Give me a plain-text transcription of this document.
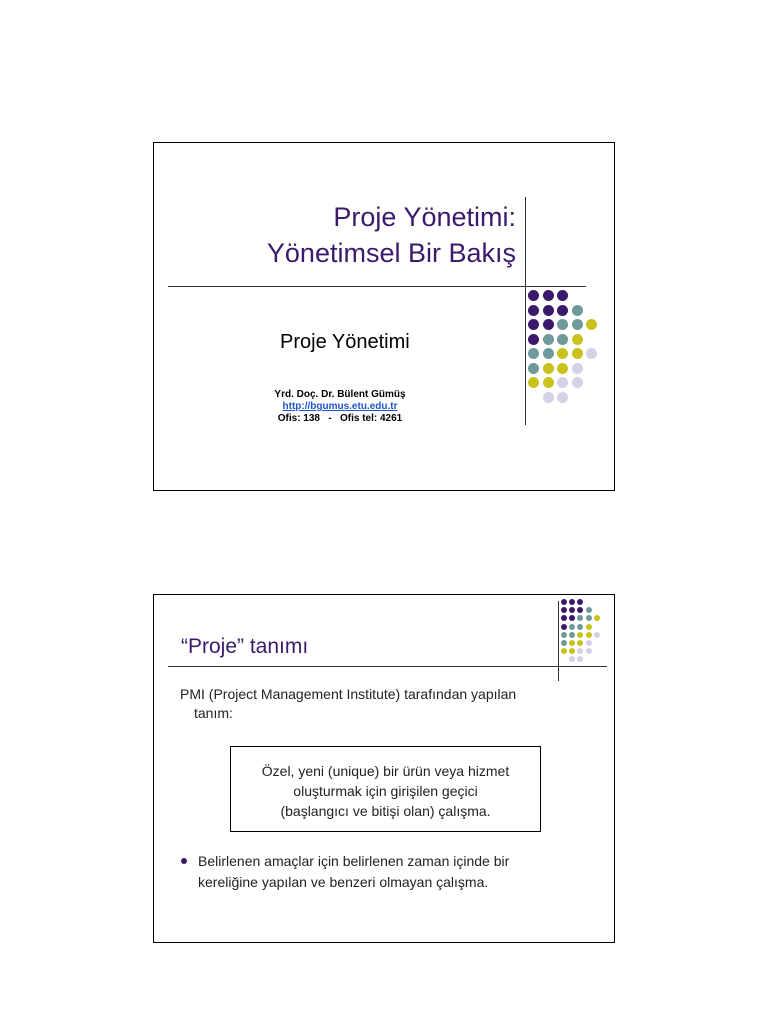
Proje Yönetimi:
Yönetimsel Bir Bakış
Proje Yönetimi
Yrd. Doç. Dr. Bülent Gümüş
http://bgumus.etu.edu.tr
Ofis: 138   -   Ofis tel: 4261
“Proje” tanımı
PMI (Project Management Institute) tarafından yapılan
tanım:
Özel, yeni (unique) bir ürün veya hizmet
oluşturmak için girişilen geçici
(başlangıcı ve bitişi olan) çalışma.
Belirlenen amaçlar için belirlenen zaman içinde bir
kereliğine yapılan ve benzeri olmayan çalışma.
